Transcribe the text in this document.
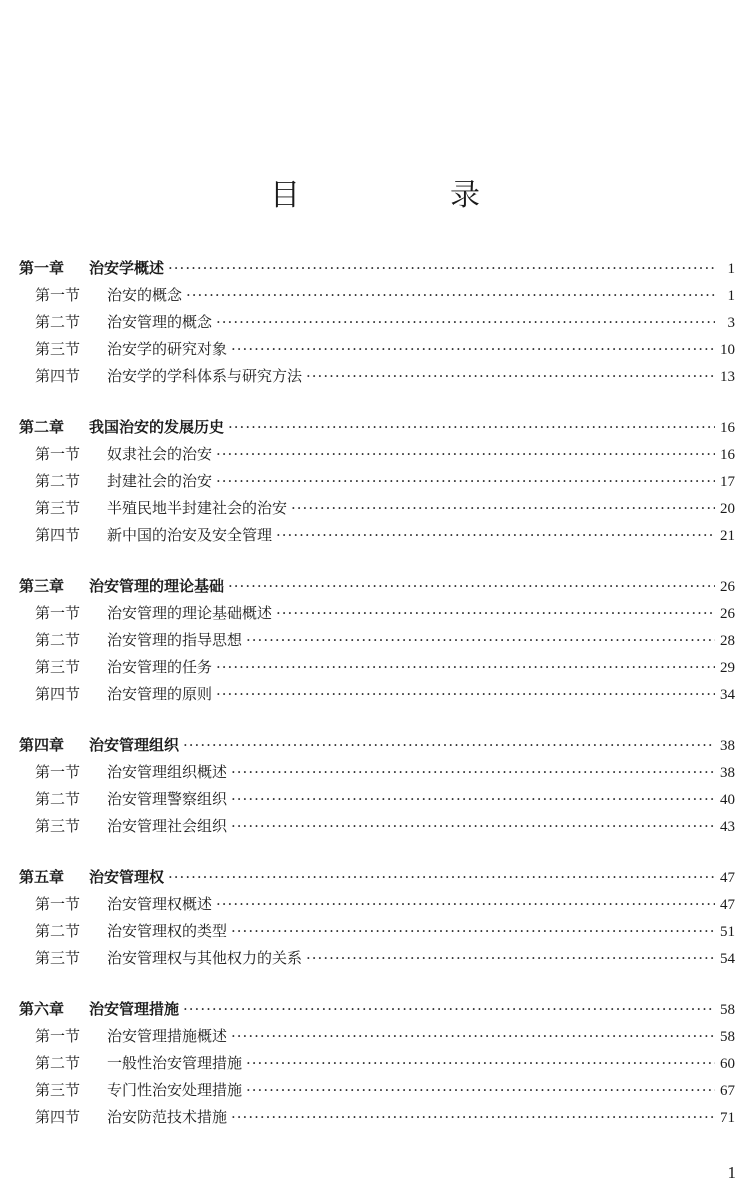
目　录
第一章 治安学概述 ·····	1
第一节 治安的概念 ·····	1
第二节 治安管理的概念 ·····	3
第三节 治安学的研究对象 ·····	10
第四节 治安学的学科体系与研究方法 ·····	13
第二章 我国治安的发展历史 ·····	16
第一节 奴隶社会的治安 ·····	16
第二节 封建社会的治安 ·····	17
第三节 半殖民地半封建社会的治安 ·····	20
第四节 新中国的治安及安全管理 ·····	21
第三章 治安管理的理论基础 ·····	26
第一节 治安管理的理论基础概述 ·····	26
第二节 治安管理的指导思想 ·····	28
第三节 治安管理的任务 ·····	29
第四节 治安管理的原则 ·····	34
第四章 治安管理组织 ·····	38
第一节 治安管理组织概述 ·····	38
第二节 治安管理警察组织 ·····	40
第三节 治安管理社会组织 ·····	43
第五章 治安管理权 ·····	47
第一节 治安管理权概述 ·····	47
第二节 治安管理权的类型 ·····	51
第三节 治安管理权与其他权力的关系 ·····	54
第六章 治安管理措施 ·····	58
第一节 治安管理措施概述 ·····	58
第二节 一般性治安管理措施 ·····	60
第三节 专门性治安处理措施 ·····	67
第四节 治安防范技术措施 ·····	71
1
